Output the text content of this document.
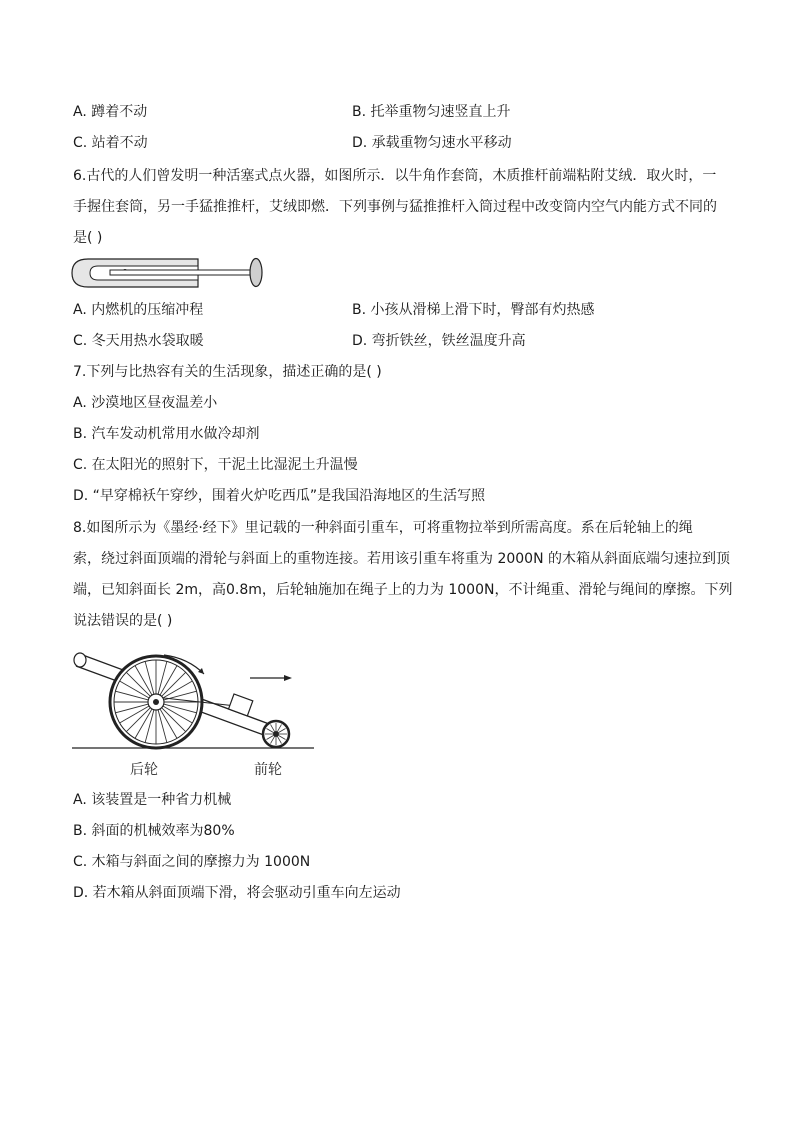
A. 蹲着不动	B. 托举重物匀速竖直上升
C. 站着不动	D. 承载重物匀速水平移动
6.古代的人们曾发明一种活塞式点火器，如图所示．以牛角作套筒，木质推杆前端粘附艾绒．取火时，一
手握住套筒，另一手猛推推杆，艾绒即燃．下列事例与猛推推杆入筒过程中改变筒内空气内能方式不同的
是( )
A. 内燃机的压缩冲程	B. 小孩从滑梯上滑下时，臀部有灼热感
C. 冬天用热水袋取暖	D. 弯折铁丝，铁丝温度升高
7.下列与比热容有关的生活现象，描述正确的是( )
A. 沙漠地区昼夜温差小
B. 汽车发动机常用水做冷却剂
C. 在太阳光的照射下，干泥土比湿泥土升温慢
D. “早穿棉袄午穿纱，围着火炉吃西瓜”是我国沿海地区的生活写照
8.如图所示为《墨经·经下》里记载的一种斜面引重车，可将重物拉举到所需高度。系在后轮轴上的绳
索，绕过斜面顶端的滑轮与斜面上的重物连接。若用该引重车将重为 2000N 的木箱从斜面底端匀速拉到顶
端，已知斜面长 2m，高0.8m，后轮轴施加在绳子上的力为 1000N，不计绳重、滑轮与绳间的摩擦。下列
说法错误的是( )
后轮	前轮
A. 该装置是一种省力机械
B. 斜面的机械效率为80%
C. 木箱与斜面之间的摩擦力为 1000N
D. 若木箱从斜面顶端下滑，将会驱动引重车向左运动
